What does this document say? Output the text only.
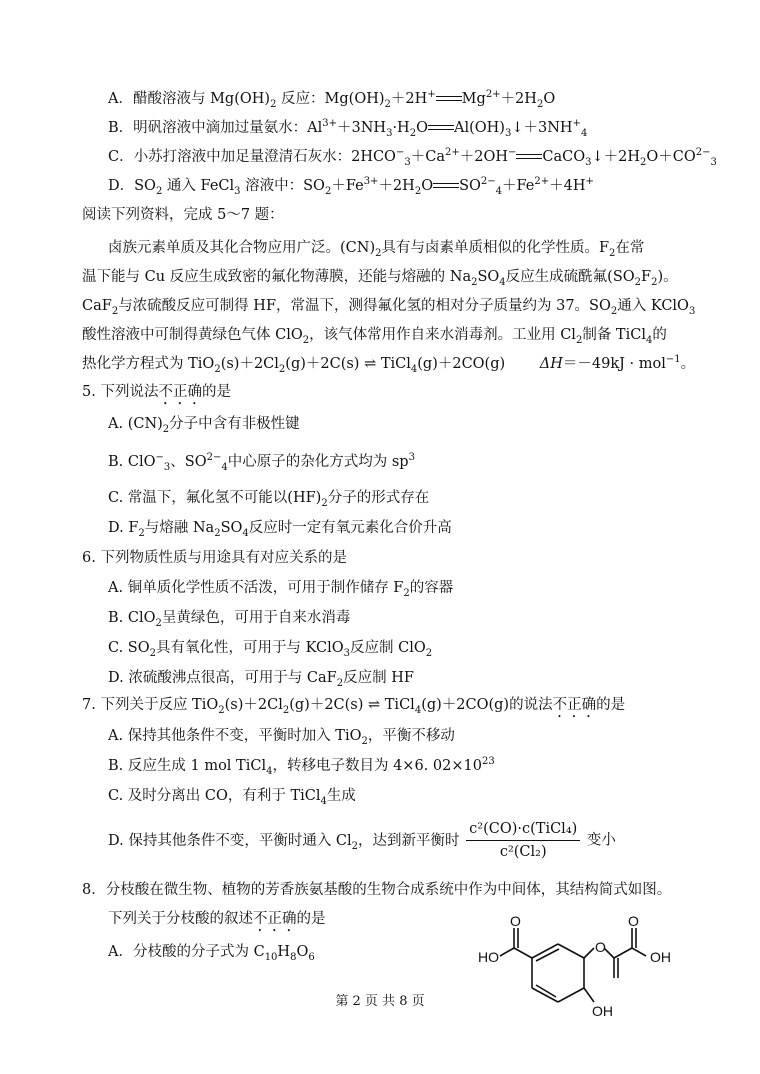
A．醋酸溶液与 $Mg(OH)_2$ 反应：$Mg(OH)_2+2H^+$ $Mg^{2+}+2H_2O$
B．明矾溶液中滴加过量氨水：$Al^{3+}+3NH_3\cdot H_2O$ $Al(OH)_3↓+3NH^+_4$
C．小苏打溶液中加足量澄清石灰水：$2HCO^-_3+Ca^{2+}+2OH^-$ $CaCO_3↓+2H_2O+CO^{2-}_3$
D．$SO_2$ 通入 FeCl$_3$ 溶液中：$SO_2+Fe^{3+}+2H_2O$ $SO^{2-}_4+Fe^{2+}+4H^+$
阅读下列资料，完成 5～7 题：
卤族元素单质及其化合物应用广泛。$(CN)_2$具有与卤素单质相似的化学性质。$F_2$在常
温下能与 Cu 反应生成致密的氟化物薄膜，还能与熔融的 $Na_2SO_4$反应生成硫酰氟$(SO_2F_2)$。
CaF$_2$与浓硫酸反应可制得 HF，常温下，测得氟化氢的相对分子质量约为 37。$SO_2$通入 KClO$_3$
酸性溶液中可制得黄绿色气体 ClO$_2$，该气体常用作自来水消毒剂。工业用 $Cl_2$制备 TiCl$_4$的
热化学方程式为 $TiO_2(s)+2Cl_2(g)+2C(s)$ ⇌ TiCl$_4$(g)＋2CO(g) ΔH＝－49kJ · mol$^{-1}$。
5. 下列说法不正确的是
A. $(CN)_2$分子中含有非极性键
B. ClO−$_3$、$SO^{2-}_4$中心原子的杂化方式均为 $sp^3$
C. 常温下，氟化氢不可能以$(HF)_2$分子的形式存在
D. $F_2$与熔融 $Na_2SO_4$反应时一定有氧元素化合价升高
6. 下列物质性质与用途具有对应关系的是
A. 铜单质化学性质不活泼，可用于制作储存 $F_2$的容器
B. ClO$_2$呈黄绿色，可用于自来水消毒
C. $SO_2$具有氧化性，可用于与 KClO$_3$反应制 ClO$_2$
D. 浓硫酸沸点很高，可用于与 CaF$_2$反应制 HF
7. 下列关于反应 $TiO_2(s)+2Cl_2(g)+2C(s)$ ⇌ TiCl$_4$(g)＋2CO(g)的说法不正确的是
A. 保持其他条件不变，平衡时加入 TiO$_2$，平衡不移动
B. 反应生成 1 mol TiCl$_4$，转移电子数目为 4×6. $02\times 10^{23}$
C. 及时分离出 CO，有利于 TiCl$_4$生成
D. 保持其他条件不变，平衡时通入 $Cl_2$，达到新平衡时 $\frac{\text{c²(CO)·c(TiCl₄)}}{\text{c²(Cl₂)}}$ 变小
8．分枝酸在微生物、植物的芳香族氨基酸的生物合成系统中作为中间体，其结构简式如图。
下列关于分枝酸的叙述不正确的是
A．分枝酸的分子式为 $C_{10}H_8O_6$	HO
O
OH
O
O
OH
第 2 页 共 8 页
